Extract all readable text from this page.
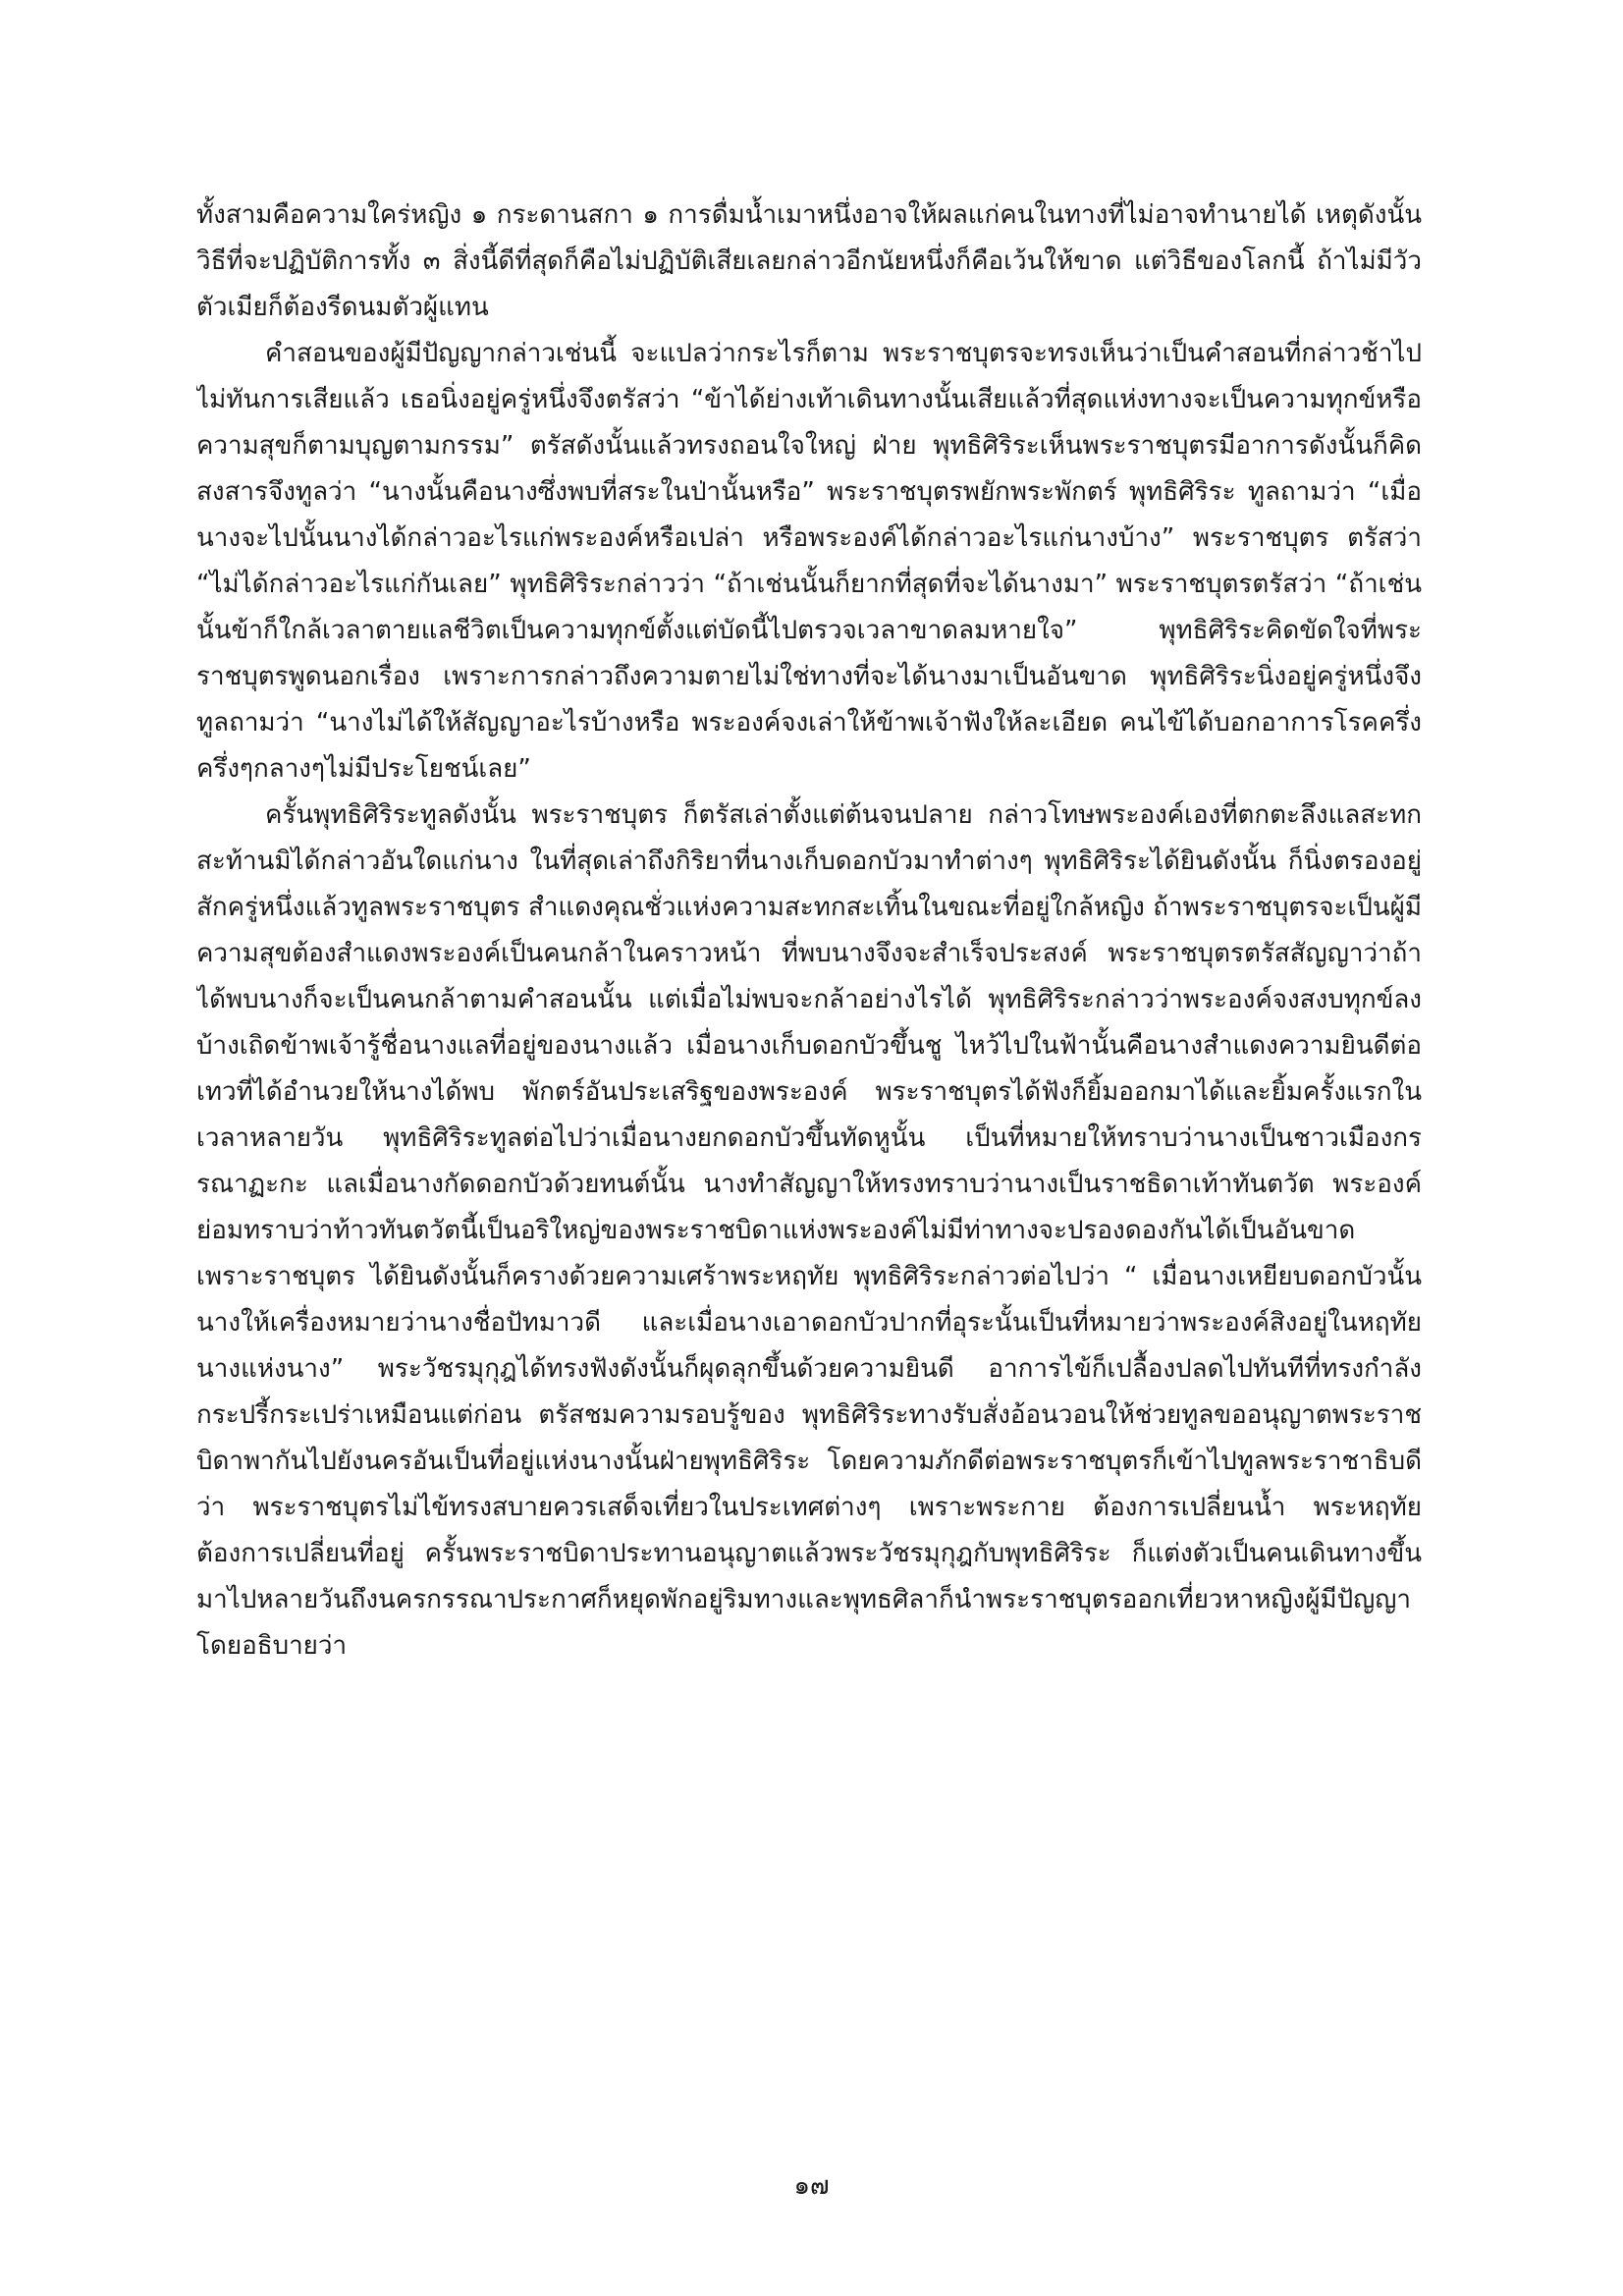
ทั้งสามคือความใคร่หญิง ๑ กระดานสกา ๑ การดื่มน้ำเมาหนึ่งอาจให้ผลแก่คนในทางที่ไม่อาจทำนายได้ เหตุดังนั้นวิธีที่จะปฏิบัติการทั้ง ๓ สิ่งนี้ดีที่สุดก็คือไม่ปฏิบัติเสียเลยกล่าวอีกนัยหนึ่งก็คือเว้นให้ขาด แต่วิธีของโลกนี้ ถ้าไม่มีวัวตัวเมียก็ต้องรีดนมตัวผู้แทน

คำสอนของผู้มีปัญญากล่าวเช่นนี้ จะแปลว่ากระไรก็ตาม พระราชบุตรจะทรงเห็นว่าเป็นคำสอนที่กล่าวช้าไปไม่ทันการเสียแล้ว เธอนิ่งอยู่ครู่หนึ่งจึงตรัสว่า “ข้าได้ย่างเท้าเดินทางนั้นเสียแล้วที่สุดแห่งทางจะเป็นความทุกข์หรือความสุขก็ตามบุญตามกรรม” ตรัสดังนั้นแล้วทรงถอนใจใหญ่ ฝ่าย พุทธิศิริระเห็นพระราชบุตรมีอาการดังนั้นก็คิดสงสารจึงทูลว่า “นางนั้นคือนางซึ่งพบที่สระในป่านั้นหรือ” พระราชบุตรพยักพระพักตร์ พุทธิศิริระ ทูลถามว่า “เมื่อนางจะไปนั้นนางได้กล่าวอะไรแก่พระองค์หรือเปล่า หรือพระองค์ได้กล่าวอะไรแก่นางบ้าง” พระราชบุตร ตรัสว่า “ไม่ได้กล่าวอะไรแก่กันเลย” พุทธิศิริระกล่าวว่า “ถ้าเช่นนั้นก็ยากที่สุดที่จะได้นางมา” พระราชบุตรตรัสว่า “ถ้าเช่นนั้นข้าก็ใกล้เวลาตายแลชีวิตเป็นความทุกข์ตั้งแต่บัดนี้ไปตรวจเวลาขาดลมหายใจ” พุทธิศิริระคิดขัดใจที่พระราชบุตรพูดนอกเรื่อง เพราะการกล่าวถึงความตายไม่ใช่ทางที่จะได้นางมาเป็นอันขาด พุทธิศิริระนิ่งอยู่ครู่หนึ่งจึงทูลถามว่า “นางไม่ได้ให้สัญญาอะไรบ้างหรือ พระองค์จงเล่าให้ข้าพเจ้าฟังให้ละเอียด คนไข้ได้บอกอาการโรคครึ่งครึ่งๆกลางๆไม่มีประโยชน์เลย”

ครั้นพุทธิศิริระทูลดังนั้น พระราชบุตร ก็ตรัสเล่าตั้งแต่ต้นจนปลาย กล่าวโทษพระองค์เองที่ตกตะลึงแลสะทกสะท้านมิได้กล่าวอันใดแก่นาง ในที่สุดเล่าถึงกิริยาที่นางเก็บดอกบัวมาทำต่างๆ พุทธิศิริระได้ยินดังนั้น ก็นิ่งตรองอยู่สักครู่หนึ่งแล้วทูลพระราชบุตร สำแดงคุณชั่วแห่งความสะทกสะเทิ้นในขณะที่อยู่ใกล้หญิง ถ้าพระราชบุตรจะเป็นผู้มีความสุขต้องสำแดงพระองค์เป็นคนกล้าในคราวหน้า ที่พบนางจึงจะสำเร็จประสงค์ พระราชบุตรตรัสสัญญาว่าถ้าได้พบนางก็จะเป็นคนกล้าตามคำสอนนั้น แต่เมื่อไม่พบจะกล้าอย่างไรได้ พุทธิศิริระกล่าวว่าพระองค์จงสงบทุกข์ลงบ้างเถิดข้าพเจ้ารู้ชื่อนางแลที่อยู่ของนางแล้ว เมื่อนางเก็บดอกบัวขึ้นชู ไหว้ไปในฟ้านั้นคือนางสำแดงความยินดีต่อเทวที่ได้อำนวยให้นางได้พบ พักตร์อันประเสริฐของพระองค์ พระราชบุตรได้ฟังก็ยิ้มออกมาได้และยิ้มครั้งแรกในเวลาหลายวัน พุทธิศิริระทูลต่อไปว่าเมื่อนางยกดอกบัวขึ้นทัดหูนั้น เป็นที่หมายให้ทราบว่านางเป็นชาวเมืองกรรณาฏะกะ แลเมื่อนางกัดดอกบัวด้วยทนต์นั้น นางทำสัญญาให้ทรงทราบว่านางเป็นราชธิดาเท้าทันตวัต พระองค์ย่อมทราบว่าท้าวทันตวัตนี้เป็นอริใหญ่ของพระราชบิดาแห่งพระองค์ไม่มีท่าทางจะปรองดองกันได้เป็นอันขาดเพราะราชบุตร ได้ยินดังนั้นก็ครางด้วยความเศร้าพระหฤทัย พุทธิศิริระกล่าวต่อไปว่า “ เมื่อนางเหยียบดอกบัวนั้นนางให้เครื่องหมายว่านางชื่อปัทมาวดี และเมื่อนางเอาดอกบัวปากที่อุระนั้นเป็นที่หมายว่าพระองค์สิงอยู่ในหฤทัยนางแห่งนาง” พระวัชรมุกุฎได้ทรงฟังดังนั้นก็ผุดลุกขึ้นด้วยความยินดี อาการไข้ก็เปลื้องปลดไปทันทีที่ทรงกำลังกระปรี้กระเปร่าเหมือนแต่ก่อน ตรัสชมความรอบรู้ของ พุทธิศิริระทางรับสั่งอ้อนวอนให้ช่วยทูลขออนุญาตพระราชบิดาพากันไปยังนครอันเป็นที่อยู่แห่งนางนั้นฝ่ายพุทธิศิริระ โดยความภักดีต่อพระราชบุตรก็เข้าไปทูลพระราชาธิบดีว่า พระราชบุตรไม่ไข้ทรงสบายควรเสด็จเที่ยวในประเทศต่างๆ เพราะพระกาย ต้องการเปลี่ยนน้ำ พระหฤทัยต้องการเปลี่ยนที่อยู่ ครั้นพระราชบิดาประทานอนุญาตแล้วพระวัชรมุกุฎกับพุทธิศิริระ ก็แต่งตัวเป็นคนเดินทางขึ้นมาไปหลายวันถึงนครกรรณาประกาศก็หยุดพักอยู่ริมทางและพุทธศิลาก็นำพระราชบุตรออกเที่ยวหาหญิงผู้มีปัญญาโดยอธิบายว่า

๑๗
